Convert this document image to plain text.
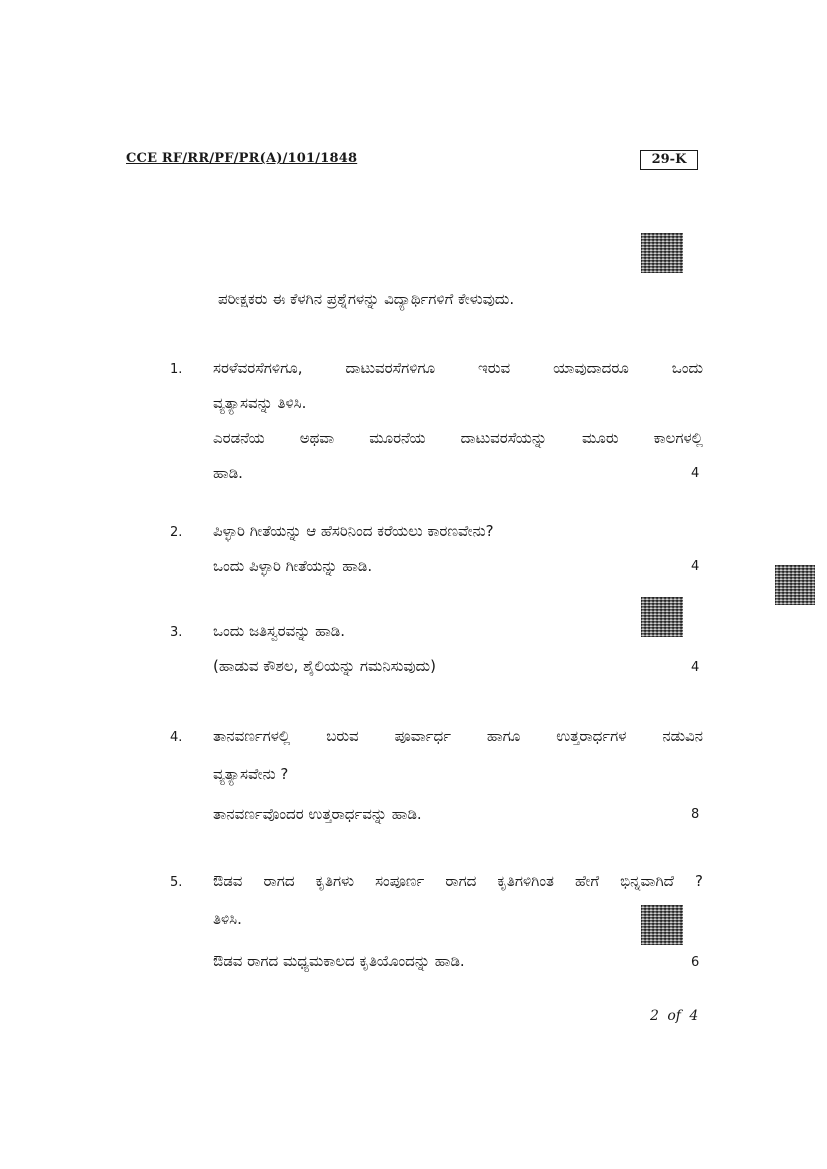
CCE RF/RR/PF/PR(A)/101/1848	29-K
ಪರೀಕ್ಷಕರು ಈ ಕೆಳಗಿನ ಪ್ರಶ್ನೆಗಳನ್ನು ವಿದ್ಯಾರ್ಥಿಗಳಿಗೆ ಕೇಳುವುದು.
1. ಸರಳೆವರಸೆಗಳಿಗೂ, ದಾಟುವರಸೆಗಳಿಗೂ ಇರುವ ಯಾವುದಾದರೂ ಒಂದು
ವ್ಯತ್ಯಾಸವನ್ನು ತಿಳಿಸಿ.
ಎರಡನೆಯ ಅಥವಾ ಮೂರನೆಯ ದಾಟುವರಸೆಯನ್ನು ಮೂರು ಕಾಲಗಳಲ್ಲಿ
ಹಾಡಿ.	4
2. ಪಿಳ್ಳಾರಿ ಗೀತೆಯನ್ನು ಆ ಹೆಸರಿನಿಂದ ಕರೆಯಲು ಕಾರಣವೇನು?
ಒಂದು ಪಿಳ್ಳಾರಿ ಗೀತೆಯನ್ನು ಹಾಡಿ.	4
3. ಒಂದು ಜತಿಸ್ವರವನ್ನು ಹಾಡಿ.
(ಹಾಡುವ ಕೌಶಲ, ಶೈಲಿಯನ್ನು ಗಮನಿಸುವುದು)	4
4. ತಾನವರ್ಣಗಳಲ್ಲಿ ಬರುವ ಪೂರ್ವಾರ್ಧ ಹಾಗೂ ಉತ್ತರಾರ್ಧಗಳ ನಡುವಿನ
ವ್ಯತ್ಯಾಸವೇನು ?
ತಾನವರ್ಣವೊಂದರ ಉತ್ತರಾರ್ಧವನ್ನು ಹಾಡಿ.	8
5. ಔಡವ ರಾಗದ ಕೃತಿಗಳು ಸಂಪೂರ್ಣ ರಾಗದ ಕೃತಿಗಳಿಗಿಂತ ಹೇಗೆ ಭಿನ್ನವಾಗಿದೆ ?
ತಿಳಿಸಿ.
ಔಡವ ರಾಗದ ಮಧ್ಯಮಕಾಲದ ಕೃತಿಯೊಂದನ್ನು ಹಾಡಿ.	6
2 of 4
